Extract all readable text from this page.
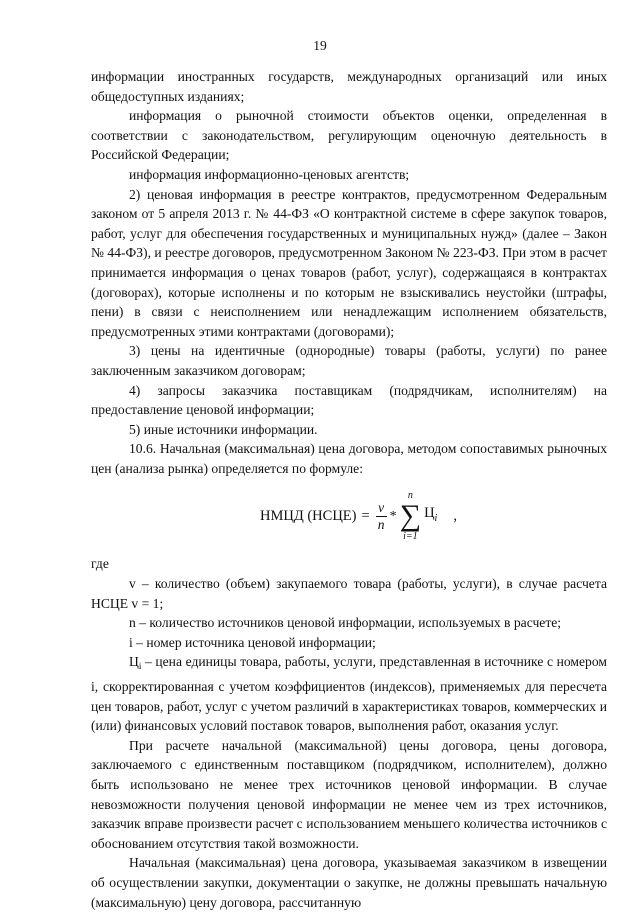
19

информации иностранных государств, международных организаций или иных общедоступных изданиях;

информация о рыночной стоимости объектов оценки, определенная в соответствии с законодательством, регулирующим оценочную деятельность в Российской Федерации;

информация информационно-ценовых агентств;

2) ценовая информация в реестре контрактов, предусмотренном Федеральным законом от 5 апреля 2013 г. № 44-ФЗ «О контрактной системе в сфере закупок товаров, работ, услуг для обеспечения государственных и муниципальных нужд» (далее – Закон № 44-ФЗ), и реестре договоров, предусмотренном Законом № 223-ФЗ. При этом в расчет принимается информация о ценах товаров (работ, услуг), содержащаяся в контрактах (договорах), которые исполнены и по которым не взыскивались неустойки (штрафы, пени) в связи с неисполнением или ненадлежащим исполнением обязательств, предусмотренных этими контрактами (договорами);

3) цены на идентичные (однородные) товары (работы, услуги) по ранее заключенным заказчиком договорам;

4) запросы заказчика поставщикам (подрядчикам, исполнителям) на предоставление ценовой информации;

5) иные источники информации.

10.6. Начальная (максимальная) цена договора, методом сопоставимых рыночных цен (анализа рынка) определяется по формуле:

НМЦД (НСЦЕ) = $\frac{v}{n}$ *
n
∑
i=1
$Ц_i$ ,

где

v – количество (объем) закупаемого товара (работы, услуги), в случае расчета НСЦЕ v = 1;

n – количество источников ценовой информации, используемых в расчете;

i – номер источника ценовой информации;

$Ц_i$ – цена единицы товара, работы, услуги, представленная в источнике с номером i, скорректированная с учетом коэффициентов (индексов), применяемых для пересчета цен товаров, работ, услуг с учетом различий в характеристиках товаров, коммерческих и (или) финансовых условий поставок товаров, выполнения работ, оказания услуг.

При расчете начальной (максимальной) цены договора, цены договора, заключаемого с единственным поставщиком (подрядчиком, исполнителем), должно быть использовано не менее трех источников ценовой информации. В случае невозможности получения ценовой информации не менее чем из трех источников, заказчик вправе произвести расчет с использованием меньшего количества источников с обоснованием отсутствия такой возможности.

Начальная (максимальная) цена договора, указываемая заказчиком в извещении об осуществлении закупки, документации о закупке, не должны превышать начальную (максимальную) цену договора, рассчитанную
